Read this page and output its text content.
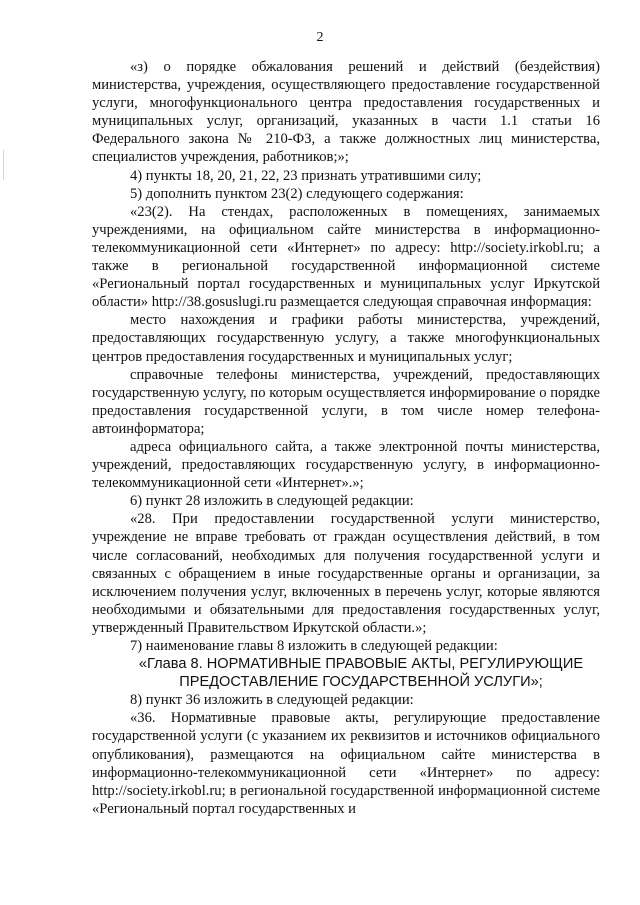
2

«з) о порядке обжалования решений и действий (бездействия) министерства, учреждения, осуществляющего предоставление государственной услуги, многофункционального центра предоставления государственных и муниципальных услуг, организаций, указанных в части 1.1 статьи 16 Федерального закона № 210-ФЗ, а также должностных лиц министерства, специалистов учреждения, работников;»;

4) пункты 18, 20, 21, 22, 23 признать утратившими силу;

5) дополнить пунктом 23(2) следующего содержания:

«23(2). На стендах, расположенных в помещениях, занимаемых учреждениями, на официальном сайте министерства в информационно-телекоммуникационной сети «Интернет» по адресу: http://society.irkobl.ru; а также в региональной государственной информационной системе «Региональный портал государственных и муниципальных услуг Иркутской области» http://38.gosuslugi.ru размещается следующая справочная информация:

место нахождения и графики работы министерства, учреждений, предоставляющих государственную услугу, а также многофункциональных центров предоставления государственных и муниципальных услуг;

справочные телефоны министерства, учреждений, предоставляющих государственную услугу, по которым осуществляется информирование о порядке предоставления государственной услуги, в том числе номер телефона-автоинформатора;

адреса официального сайта, а также электронной почты министерства, учреждений, предоставляющих государственную услугу, в информационно-телекоммуникационной сети «Интернет».»;

6) пункт 28 изложить в следующей редакции:

«28. При предоставлении государственной услуги министерство, учреждение не вправе требовать от граждан осуществления действий, в том числе согласований, необходимых для получения государственной услуги и связанных с обращением в иные государственные органы и организации, за исключением получения услуг, включенных в перечень услуг, которые являются необходимыми и обязательными для предоставления государственных услуг, утвержденный Правительством Иркутской области.»;

7) наименование главы 8 изложить в следующей редакции:

«Глава 8. НОРМАТИВНЫЕ ПРАВОВЫЕ АКТЫ, РЕГУЛИРУЮЩИЕ ПРЕДОСТАВЛЕНИЕ ГОСУДАРСТВЕННОЙ УСЛУГИ»;

8) пункт 36 изложить в следующей редакции:

«36. Нормативные правовые акты, регулирующие предоставление государственной услуги (с указанием их реквизитов и источников официального опубликования), размещаются на официальном сайте министерства в информационно-телекоммуникационной сети «Интернет» по адресу: http://society.irkobl.ru; в региональной государственной информационной системе «Региональный портал государственных и
